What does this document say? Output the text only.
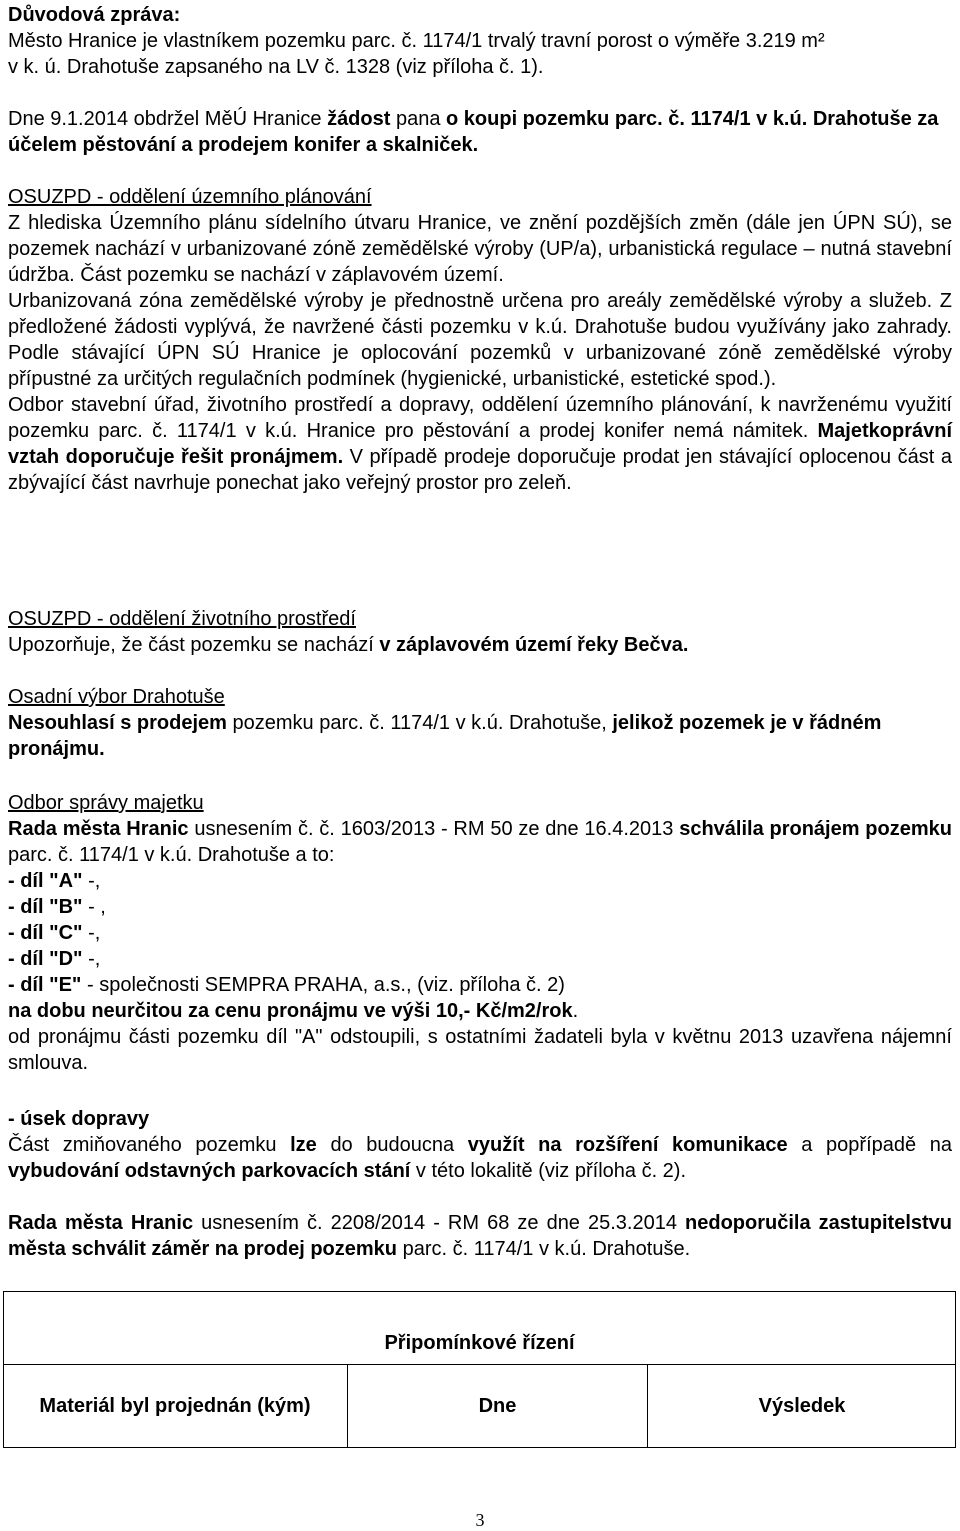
Důvodová zpráva:

Město Hranice je vlastníkem pozemku parc. č. 1174/1 trvalý travní porost o výměře 3.219 m²

v k. ú. Drahotuše zapsaného na LV č. 1328 (viz příloha č. 1).

Dne 9.1.2014 obdržel MěÚ Hranice žádost pana o koupi pozemku parc. č. 1174/1 v k.ú. Drahotuše za účelem pěstování a prodejem konifer a skalniček.

OSUZPD - oddělení územního plánování

Z hlediska Územního plánu sídelního útvaru Hranice, ve znění pozdějších změn (dále jen ÚPN SÚ), se pozemek nachází v urbanizované zóně zemědělské výroby (UP/a), urbanistická regulace – nutná stavební údržba. Část pozemku se nachází v záplavovém území.

Urbanizovaná zóna zemědělské výroby je přednostně určena pro areály zemědělské výroby a služeb. Z předložené žádosti vyplývá, že navržené části pozemku v k.ú. Drahotuše budou využívány jako zahrady. Podle stávající ÚPN SÚ Hranice je oplocování pozemků v urbanizované zóně zemědělské výroby přípustné za určitých regulačních podmínek (hygienické, urbanistické, estetické spod.).

Odbor stavební úřad, životního prostředí a dopravy, oddělení územního plánování, k navrženému využití pozemku parc. č. 1174/1 v k.ú. Hranice pro pěstování a prodej konifer nemá námitek. Majetkoprávní vztah doporučuje řešit pronájmem. V případě prodeje doporučuje prodat jen stávající oplocenou část a zbývající část navrhuje ponechat jako veřejný prostor pro zeleň.

OSUZPD - oddělení životního prostředí

Upozorňuje, že část pozemku se nachází v záplavovém území řeky Bečva.

Osadní výbor Drahotuše

Nesouhlasí s prodejem pozemku parc. č. 1174/1 v k.ú. Drahotuše, jelikož pozemek je v řádném pronájmu.

Odbor správy majetku

Rada města Hranic usnesením č. č. 1603/2013 - RM 50 ze dne 16.4.2013 schválila pronájem pozemku parc. č. 1174/1 v k.ú. Drahotuše a to:

- díl "A" -,

- díl "B" - ,

- díl "C" -,

- díl "D" -,

- díl "E" - společnosti SEMPRA PRAHA, a.s., (viz. příloha č. 2)

na dobu neurčitou za cenu pronájmu ve výši 10,- Kč/m2/rok.

od pronájmu části pozemku díl "A" odstoupili, s ostatními žadateli byla v květnu 2013 uzavřena nájemní smlouva.

- úsek dopravy

Část zmiňovaného pozemku lze do budoucna využít na rozšíření komunikace a popřípadě na vybudování odstavných parkovacích stání v této lokalitě (viz příloha č. 2).

Rada města Hranic usnesením č. 2208/2014 - RM 68 ze dne 25.3.2014 nedoporučila zastupitelstvu města schválit záměr na prodej pozemku parc. č. 1174/1 v k.ú. Drahotuše.

Připomínkové řízení
Materiál byl projednán (kým)	Dne	Výsledek
3
